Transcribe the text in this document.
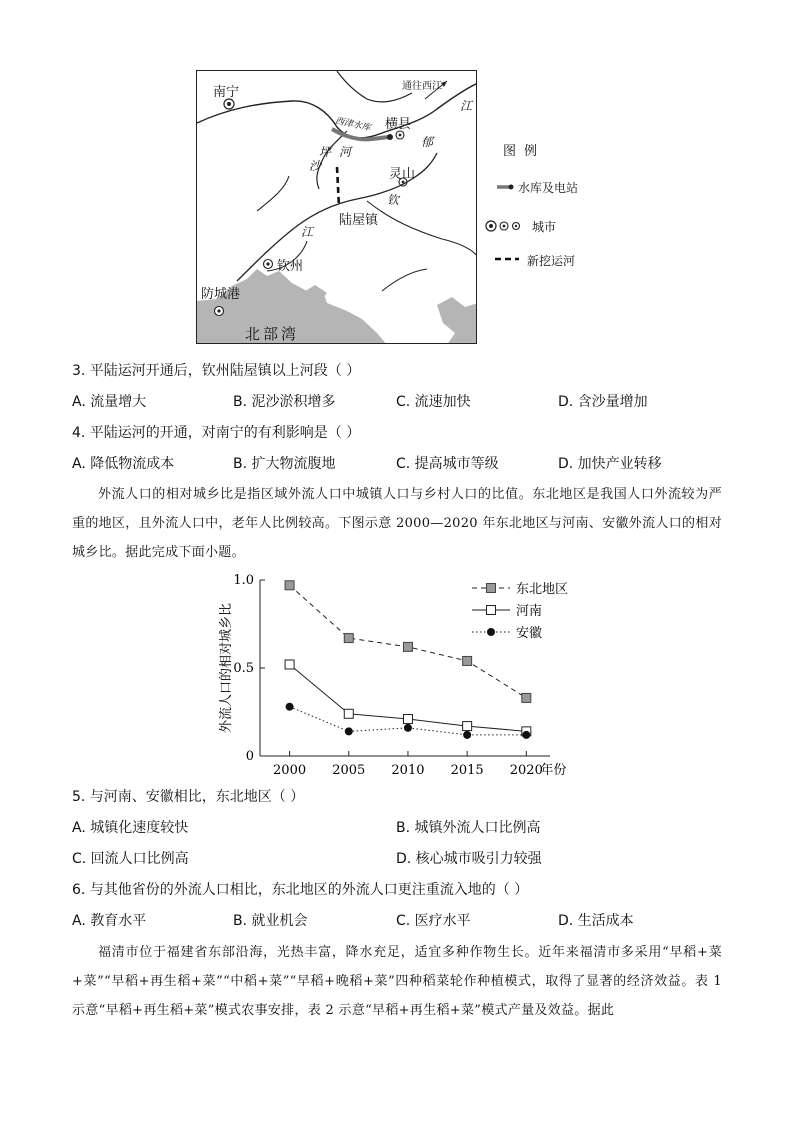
南宁	通往西江
横县
灵山
陆屋镇
钦州
防城港
北部湾
西津水库
江
郁
沙
坪 河
钦
江
图例
水库及电站
城市
新挖运河
3. 平陆运河开通后，钦州陆屋镇以上河段（ ）
A. 流量增大	B. 泥沙淤积增多	C. 流速加快	D. 含沙量增加
4. 平陆运河的开通，对南宁的有利影响是（ ）
A. 降低物流成本	B. 扩大物流腹地	C. 提高城市等级	D. 加快产业转移
外流人口的相对城乡比是指区域外流人口中城镇人口与乡村人口的比值。东北地区是我国人口外流较为严重的地区，且外流人口中，老年人比例较高。下图示意 2000—2020 年东北地区与河南、安徽外流人口的相对城乡比。据此完成下面小题。
0
0.5
1.0
2000 2005 2010 2015 2020
年份
外流人口的相对城乡比
东北地区
河南
安徽
5. 与河南、安徽相比，东北地区（ ）
A. 城镇化速度较快	B. 城镇外流人口比例高
C. 回流人口比例高	D. 核心城市吸引力较强
6. 与其他省份的外流人口相比，东北地区的外流人口更注重流入地的（ ）
A. 教育水平	B. 就业机会	C. 医疗水平	D. 生活成本
福清市位于福建省东部沿海，光热丰富，降水充足，适宜多种作物生长。近年来福清市多采用“早稻+菜+菜”“早稻+再生稻+菜”“中稻+菜”“早稻+晚稻+菜”四种稻菜轮作种植模式，取得了显著的经济效益。表 1 示意“早稻+再生稻+菜”模式农事安排，表 2 示意“早稻+再生稻+菜”模式产量及效益。据此
